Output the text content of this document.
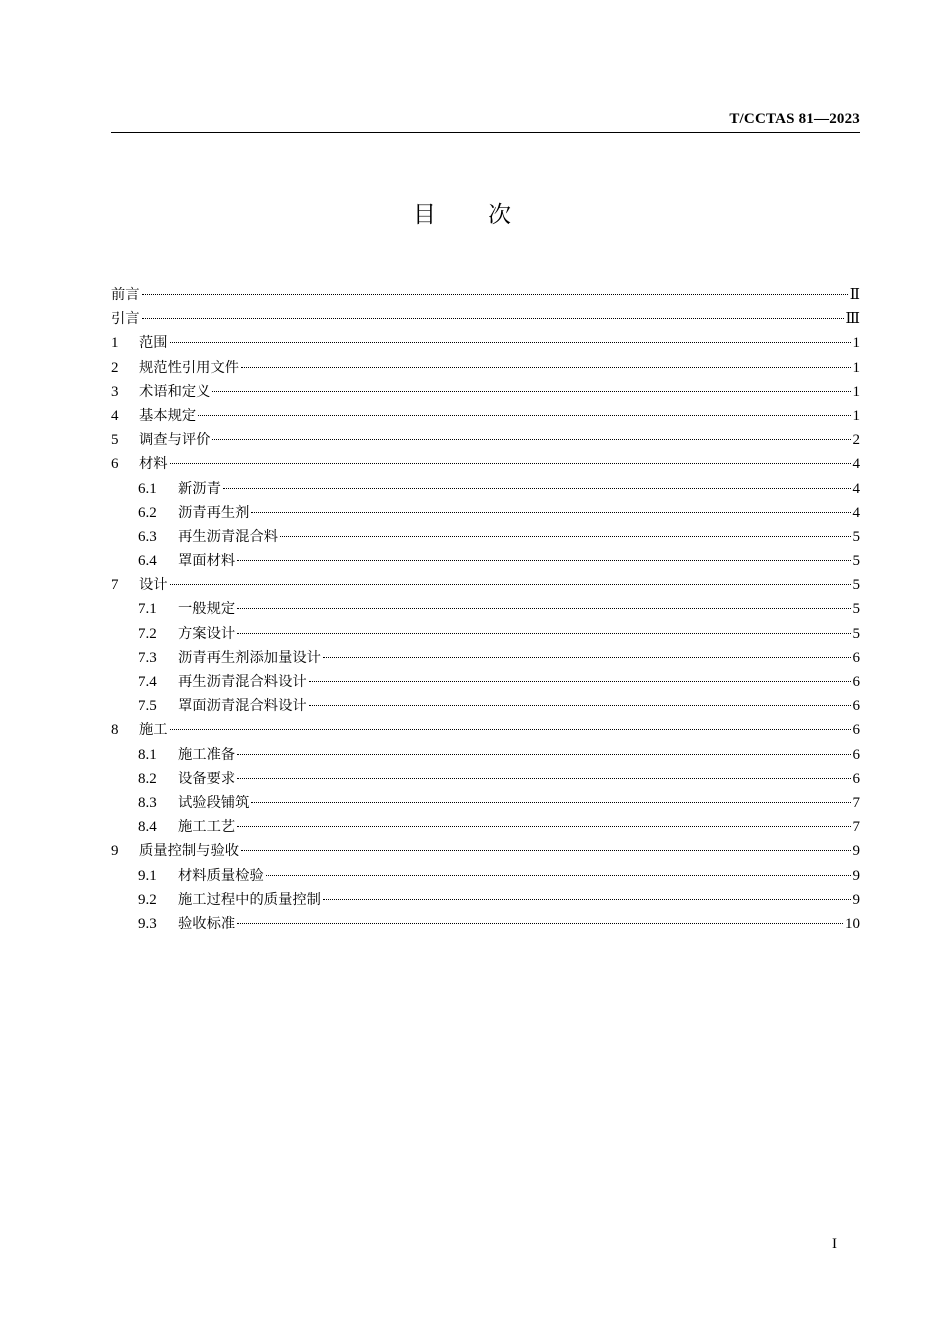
T/CCTAS 81—2023
目次
前言	Ⅱ
引言	Ⅲ
1	范围	1
2	规范性引用文件	1
3	术语和定义	1
4	基本规定	1
5	调查与评价	2
6	材料	4
6.1	新沥青	4
6.2	沥青再生剂	4
6.3	再生沥青混合料	5
6.4	罩面材料	5
7	设计	5
7.1	一般规定	5
7.2	方案设计	5
7.3	沥青再生剂添加量设计	6
7.4	再生沥青混合料设计	6
7.5	罩面沥青混合料设计	6
8	施工	6
8.1	施工准备	6
8.2	设备要求	6
8.3	试验段铺筑	7
8.4	施工工艺	7
9	质量控制与验收	9
9.1	材料质量检验	9
9.2	施工过程中的质量控制	9
9.3	验收标准	10
I
